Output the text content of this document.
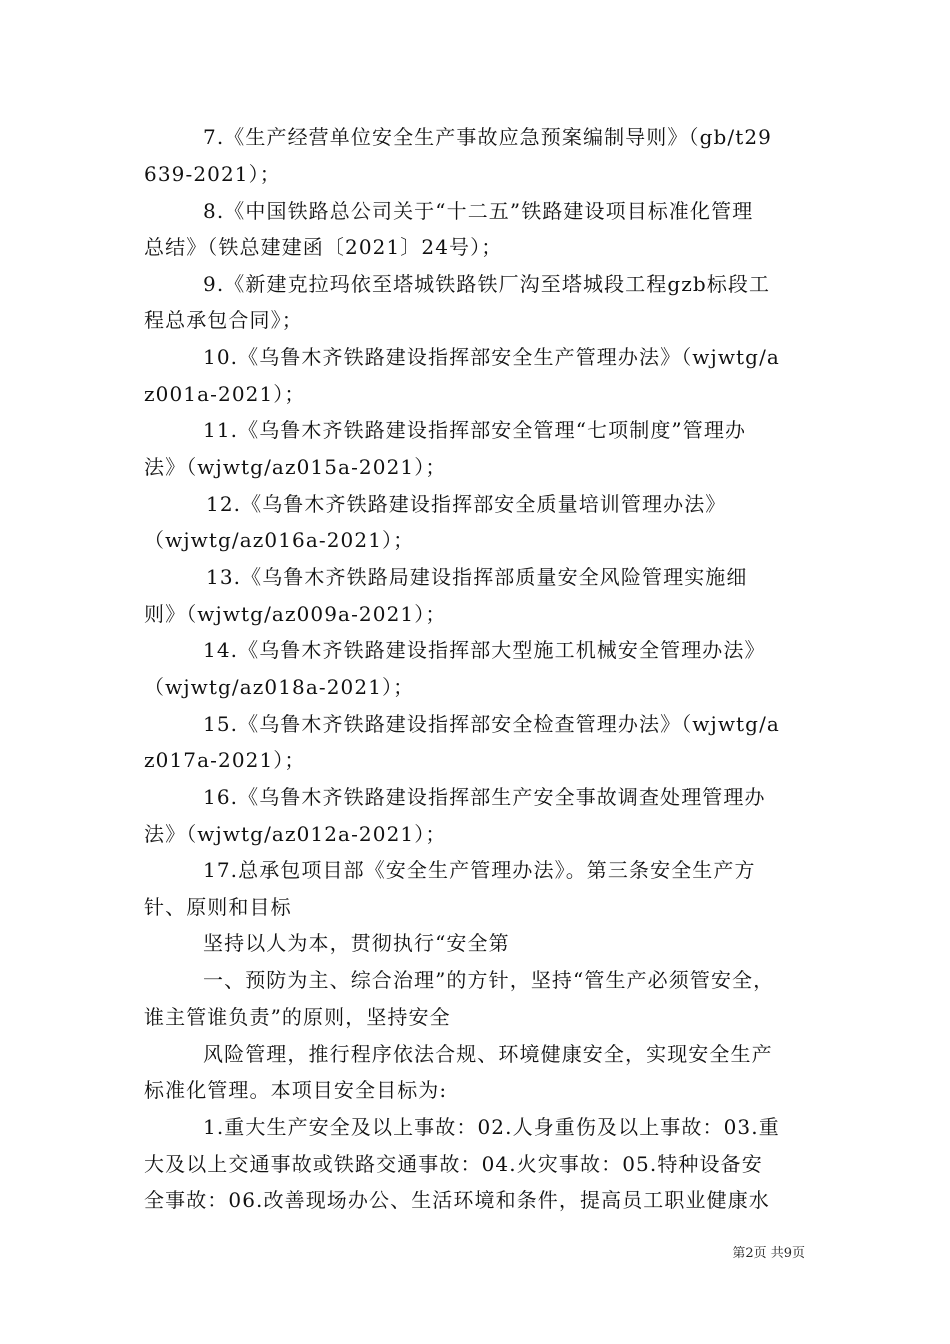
7.《生产经营单位安全生产事故应急预案编制导则》（gb/t29
639-2021）；
8.《中国铁路总公司关于“十二五”铁路建设项目标准化管理
总结》（铁总建建函〔2021〕24号）；
9.《新建克拉玛依至塔城铁路铁厂沟至塔城段工程gzb标段工
程总承包合同》；
10.《乌鲁木齐铁路建设指挥部安全生产管理办法》（wjwtg/a
z001a-2021）；
11.《乌鲁木齐铁路建设指挥部安全管理“七项制度”管理办
法》（wjwtg/az015a-2021）；
12.《乌鲁木齐铁路建设指挥部安全质量培训管理办法》
（wjwtg/az016a-2021）；
13.《乌鲁木齐铁路局建设指挥部质量安全风险管理实施细
则》（wjwtg/az009a-2021）；
14.《乌鲁木齐铁路建设指挥部大型施工机械安全管理办法》
（wjwtg/az018a-2021）；
15.《乌鲁木齐铁路建设指挥部安全检查管理办法》（wjwtg/a
z017a-2021）；
16.《乌鲁木齐铁路建设指挥部生产安全事故调查处理管理办
法》（wjwtg/az012a-2021）；
17.总承包项目部《安全生产管理办法》。第三条安全生产方
针、原则和目标
坚持以人为本，贯彻执行“安全第
一、预防为主、综合治理”的方针，坚持“管生产必须管安全，
谁主管谁负责”的原则，坚持安全
风险管理，推行程序依法合规、环境健康安全，实现安全生产
标准化管理。本项目安全目标为:
1.重大生产安全及以上事故：02.人身重伤及以上事故：03.重
大及以上交通事故或铁路交通事故：04.火灾事故：05.特种设备安
全事故：06.改善现场办公、生活环境和条件，提高员工职业健康水
第2页 共9页
